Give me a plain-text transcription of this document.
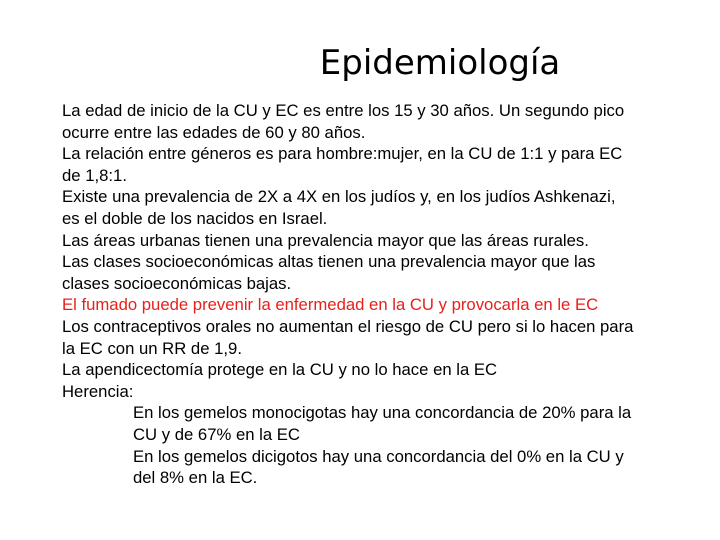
Epidemiología
La edad de inicio de la CU y EC es entre los 15 y 30 años. Un segundo pico
ocurre entre las edades de 60 y 80 años.
La relación entre géneros es para hombre:mujer, en la CU de 1:1 y para EC
de 1,8:1.
Existe una prevalencia de 2X a 4X en los judíos y, en los judíos Ashkenazi,
es el doble de los nacidos en Israel.
Las áreas urbanas tienen una prevalencia mayor que las áreas rurales.
Las clases socioeconómicas altas tienen una prevalencia mayor que las
clases socioeconómicas bajas.
El fumado puede prevenir la enfermedad en la CU y provocarla en le EC
Los contraceptivos orales no aumentan el riesgo de CU pero si lo hacen para
la EC con un RR de 1,9.
La apendicectomía protege en la CU y no lo hace en la EC
Herencia:
En los gemelos monocigotas hay una concordancia de 20% para la
CU y de 67% en la EC
En los gemelos dicigotos hay una concordancia del 0% en la CU y
del 8% en la EC.
